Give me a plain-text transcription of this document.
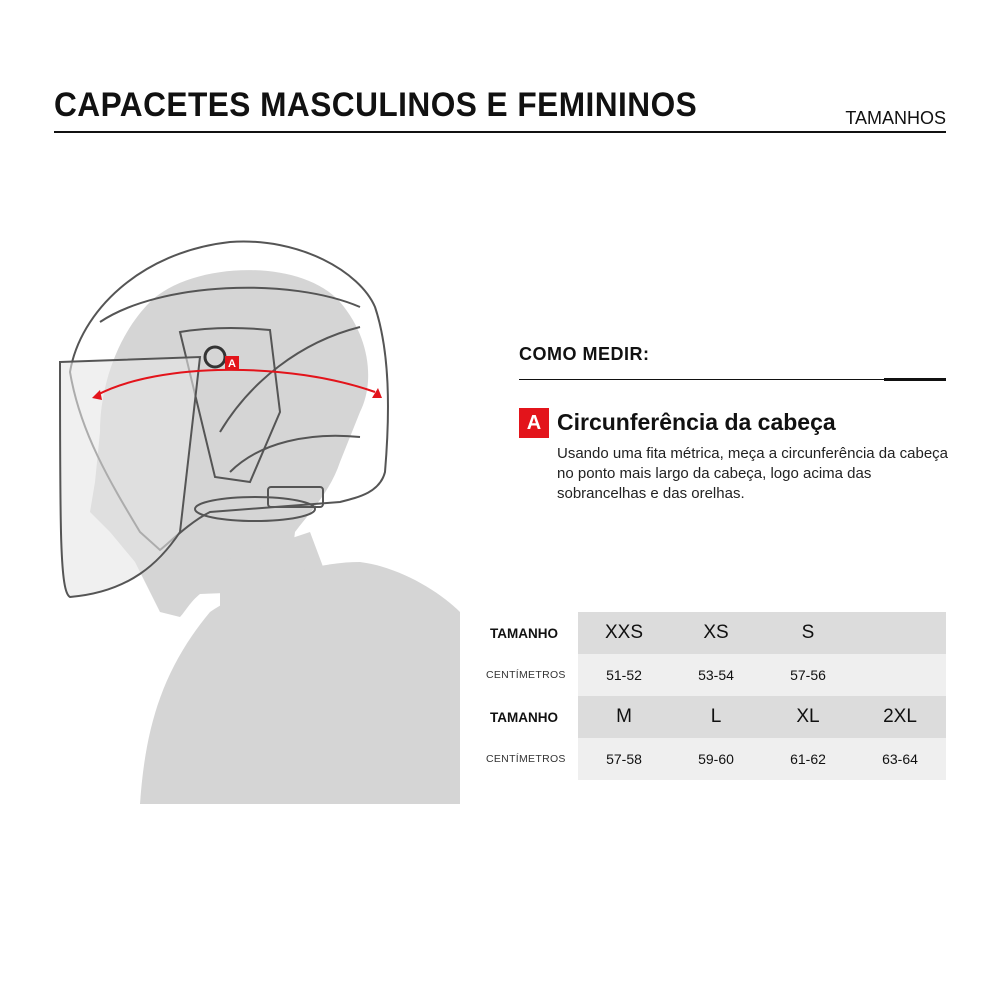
CAPACETES MASCULINOS E FEMININOS	TAMANHOS
A	COMO MEDIR:
A Circunferência da cabeça
Usando uma fita métrica, meça a circunferência da cabeça no ponto mais largo da cabeça, logo acima das sobrancelhas e das orelhas.
TAMANHO	XXS	XS	S
CENTÍMETROS	51-52	53-54	57-56
TAMANHO	M	L	XL	2XL
CENTÍMETROS	57-58	59-60	61-62	63-64
